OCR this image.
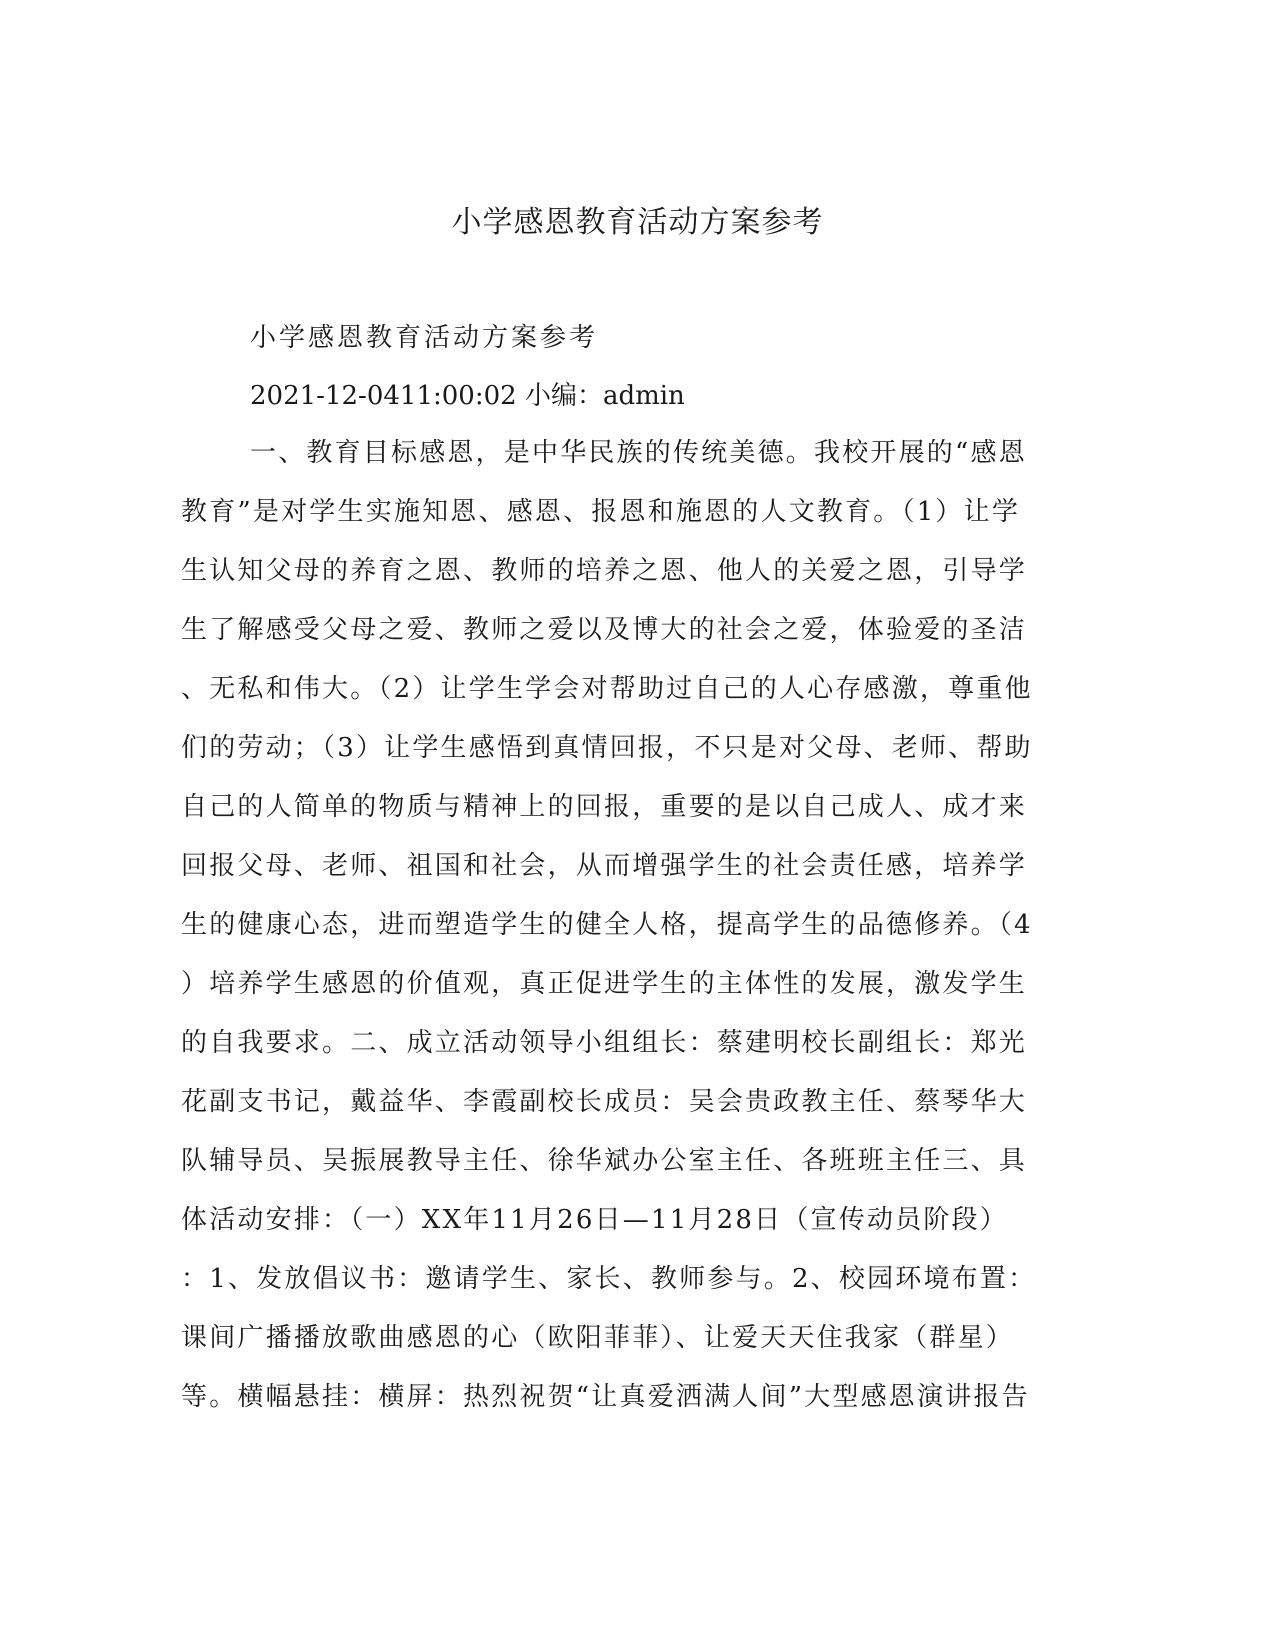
小学感恩教育活动方案参考

小学感恩教育活动方案参考

2021-12-0411:00:02 小编：admin

一、教育目标感恩，是中华民族的传统美德。我校开展的“感恩
教育”是对学生实施知恩、感恩、报恩和施恩的人文教育。（1）让学
生认知父母的养育之恩、教师的培养之恩、他人的关爱之恩，引导学
生了解感受父母之爱、教师之爱以及博大的社会之爱，体验爱的圣洁
、无私和伟大。（2）让学生学会对帮助过自己的人心存感激，尊重他
们的劳动；（3）让学生感悟到真情回报，不只是对父母、老师、帮助
自己的人简单的物质与精神上的回报，重要的是以自己成人、成才来
回报父母、老师、祖国和社会，从而增强学生的社会责任感，培养学
生的健康心态，进而塑造学生的健全人格，提高学生的品德修养。（4
）培养学生感恩的价值观，真正促进学生的主体性的发展，激发学生
的自我要求。二、成立活动领导小组组长：蔡建明校长副组长：郑光
花副支书记，戴益华、李霞副校长成员：吴会贵政教主任、蔡琴华大
队辅导员、吴振展教导主任、徐华斌办公室主任、各班班主任三、具
体活动安排：（一）XX年11月26日—11月28日（宣传动员阶段）
：1、发放倡议书：邀请学生、家长、教师参与。2、校园环境布置：
课间广播播放歌曲感恩的心（欧阳菲菲）、让爱天天住我家（群星）
等。横幅悬挂：横屏：热烈祝贺“让真爱洒满人间”大型感恩演讲报告
